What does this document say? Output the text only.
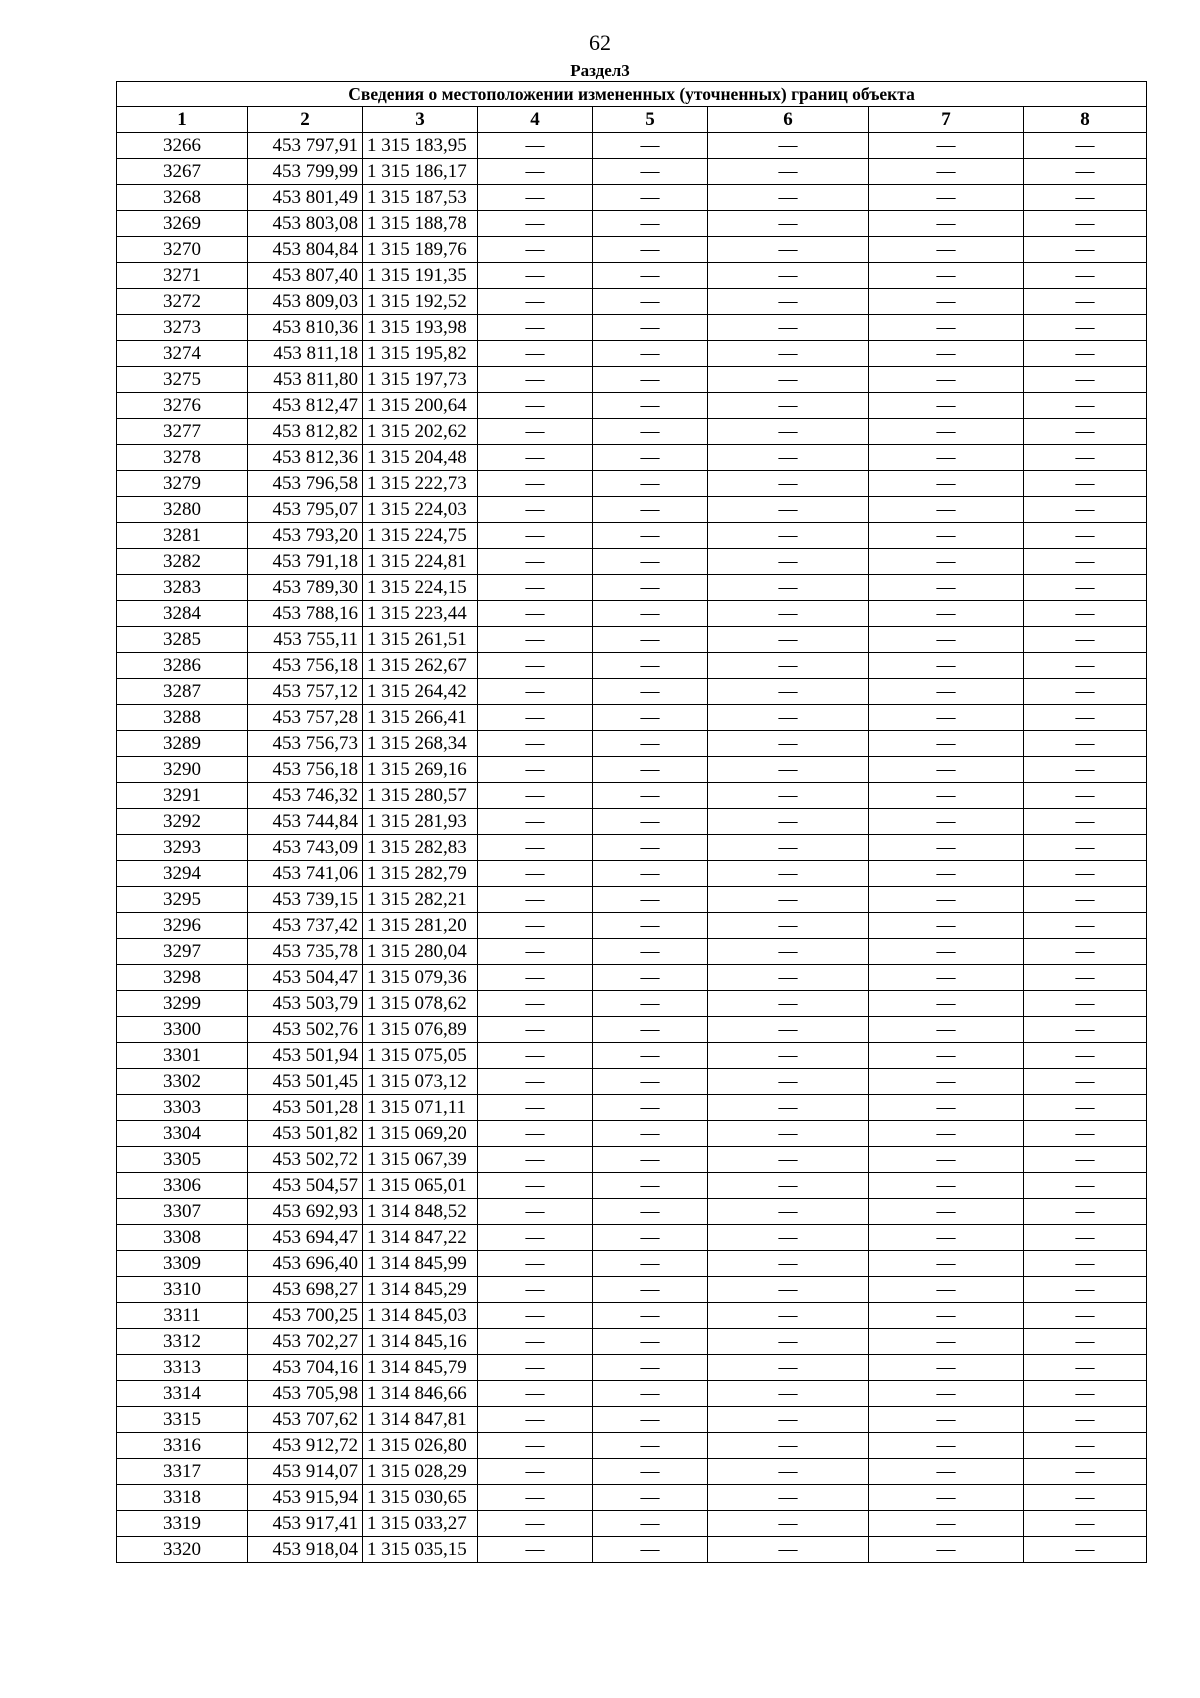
62
Раздел3
Сведения о местоположении измененных (уточненных) границ объекта							
1	2	3	4	5	6	7	8
3266	453 797,91	1 315 183,95	—	—	—	—	—
3267	453 799,99	1 315 186,17	—	—	—	—	—
3268	453 801,49	1 315 187,53	—	—	—	—	—
3269	453 803,08	1 315 188,78	—	—	—	—	—
3270	453 804,84	1 315 189,76	—	—	—	—	—
3271	453 807,40	1 315 191,35	—	—	—	—	—
3272	453 809,03	1 315 192,52	—	—	—	—	—
3273	453 810,36	1 315 193,98	—	—	—	—	—
3274	453 811,18	1 315 195,82	—	—	—	—	—
3275	453 811,80	1 315 197,73	—	—	—	—	—
3276	453 812,47	1 315 200,64	—	—	—	—	—
3277	453 812,82	1 315 202,62	—	—	—	—	—
3278	453 812,36	1 315 204,48	—	—	—	—	—
3279	453 796,58	1 315 222,73	—	—	—	—	—
3280	453 795,07	1 315 224,03	—	—	—	—	—
3281	453 793,20	1 315 224,75	—	—	—	—	—
3282	453 791,18	1 315 224,81	—	—	—	—	—
3283	453 789,30	1 315 224,15	—	—	—	—	—
3284	453 788,16	1 315 223,44	—	—	—	—	—
3285	453 755,11	1 315 261,51	—	—	—	—	—
3286	453 756,18	1 315 262,67	—	—	—	—	—
3287	453 757,12	1 315 264,42	—	—	—	—	—
3288	453 757,28	1 315 266,41	—	—	—	—	—
3289	453 756,73	1 315 268,34	—	—	—	—	—
3290	453 756,18	1 315 269,16	—	—	—	—	—
3291	453 746,32	1 315 280,57	—	—	—	—	—
3292	453 744,84	1 315 281,93	—	—	—	—	—
3293	453 743,09	1 315 282,83	—	—	—	—	—
3294	453 741,06	1 315 282,79	—	—	—	—	—
3295	453 739,15	1 315 282,21	—	—	—	—	—
3296	453 737,42	1 315 281,20	—	—	—	—	—
3297	453 735,78	1 315 280,04	—	—	—	—	—
3298	453 504,47	1 315 079,36	—	—	—	—	—
3299	453 503,79	1 315 078,62	—	—	—	—	—
3300	453 502,76	1 315 076,89	—	—	—	—	—
3301	453 501,94	1 315 075,05	—	—	—	—	—
3302	453 501,45	1 315 073,12	—	—	—	—	—
3303	453 501,28	1 315 071,11	—	—	—	—	—
3304	453 501,82	1 315 069,20	—	—	—	—	—
3305	453 502,72	1 315 067,39	—	—	—	—	—
3306	453 504,57	1 315 065,01	—	—	—	—	—
3307	453 692,93	1 314 848,52	—	—	—	—	—
3308	453 694,47	1 314 847,22	—	—	—	—	—
3309	453 696,40	1 314 845,99	—	—	—	—	—
3310	453 698,27	1 314 845,29	—	—	—	—	—
3311	453 700,25	1 314 845,03	—	—	—	—	—
3312	453 702,27	1 314 845,16	—	—	—	—	—
3313	453 704,16	1 314 845,79	—	—	—	—	—
3314	453 705,98	1 314 846,66	—	—	—	—	—
3315	453 707,62	1 314 847,81	—	—	—	—	—
3316	453 912,72	1 315 026,80	—	—	—	—	—
3317	453 914,07	1 315 028,29	—	—	—	—	—
3318	453 915,94	1 315 030,65	—	—	—	—	—
3319	453 917,41	1 315 033,27	—	—	—	—	—
3320	453 918,04	1 315 035,15	—	—	—	—	—
